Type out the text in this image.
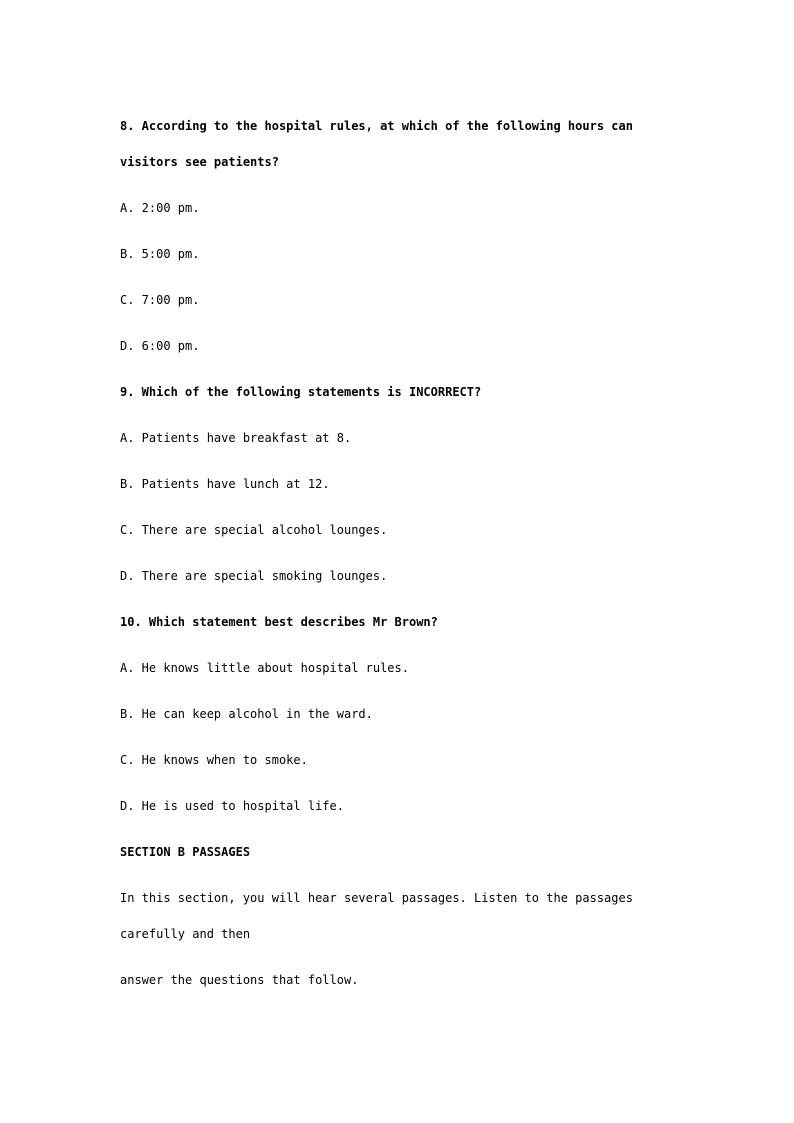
8. According to the hospital rules, at which of the following hours can
visitors see patients?
A. 2:00 pm.
B. 5:00 pm.
C. 7:00 pm.
D. 6:00 pm.
9. Which of the following statements is INCORRECT?
A. Patients have breakfast at 8.
B. Patients have lunch at 12.
C. There are special alcohol lounges.
D. There are special smoking lounges.
10. Which statement best describes Mr Brown?
A. He knows little about hospital rules.
B. He can keep alcohol in the ward.
C. He knows when to smoke.
D. He is used to hospital life.
SECTION B PASSAGES
In this section, you will hear several passages. Listen to the passages
carefully and then
answer the questions that follow.
